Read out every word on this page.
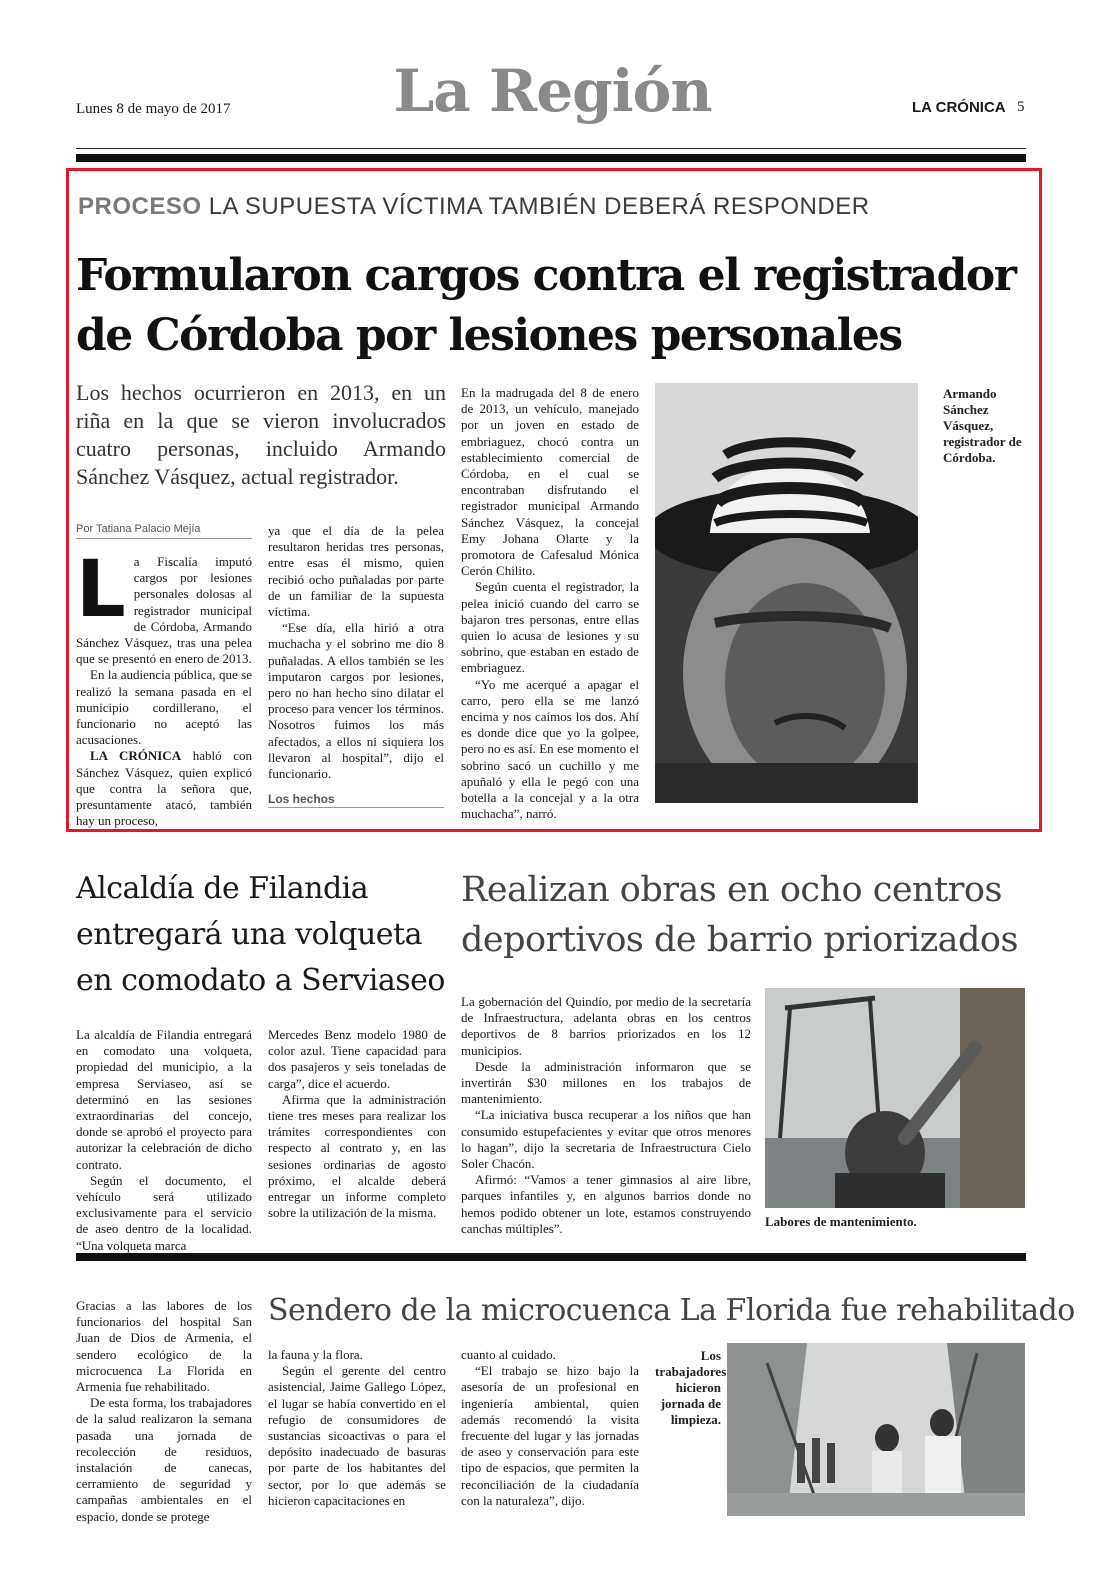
Lunes 8 de mayo de 2017	La Región	LA CRÓNICA 5
PROCESO LA SUPUESTA VÍCTIMA TAMBIÉN DEBERÁ RESPONDER
Formularon cargos contra el registrador
de Córdoba por lesiones personales
Los hechos ocurrieron en 2013, en un riña en la que se vieron involucrados cuatro personas, incluido Armando Sánchez Vásquez, actual registrador.
Por Tatiana Palacio Mejía

La Fiscalía imputó cargos por lesiones personales dolosas al registrador municipal de Córdoba, Armando Sánchez Vásquez, tras una pelea que se presentó en enero de 2013.

En la audiencia pública, que se realizó la semana pasada en el municipio cordillerano, el funcionario no aceptó las acusaciones.

LA CRÓNICA habló con Sánchez Vásquez, quien explicó que contra la señora que, presuntamente atacó, también hay un proceso,

ya que el día de la pelea resultaron heridas tres personas, entre esas él mismo, quien recibió ocho puñaladas por parte de un familiar de la supuesta víctima.

“Ese día, ella hirió a otra muchacha y el sobrino me dio 8 puñaladas. A ellos también se les imputaron cargos por lesiones, pero no han hecho sino dilatar el proceso para vencer los términos. Nosotros fuimos los más afectados, a ellos ni siquiera los llevaron al hospital”, dijo el funcionario.

Los hechos

En la madrugada del 8 de enero de 2013, un vehículo, manejado por un joven en estado de embriaguez, chocó contra un establecimiento comercial de Córdoba, en el cual se encontraban disfrutando el registrador municipal Armando Sánchez Vásquez, la concejal Emy Johana Olarte y la promotora de Cafesalud Mónica Cerón Chilito.

Según cuenta el registrador, la pelea inició cuando del carro se bajaron tres personas, entre ellas quien lo acusa de lesiones y su sobrino, que estaban en estado de embriaguez.

“Yo me acerqué a apagar el carro, pero ella se me lanzó encima y nos caímos los dos. Ahí es donde dice que yo la golpee, pero no es así. En ese momento el sobrino sacó un cuchillo y me apuñaló y ella le pegó con una botella a la concejal y a la otra muchacha”, narró.

Armando Sánchez Vásquez, registrador de Córdoba.
Alcaldía de Filandia entregará una volqueta en comodato a Serviaseo

La alcaldía de Filandia entregará en comodato una volqueta, propiedad del municipio, a la empresa Serviaseo, así se determinó en las sesiones extraordinarias del concejo, donde se aprobó el proyecto para autorizar la celebración de dicho contrato.

Según el documento, el vehículo será utilizado exclusivamente para el servicio de aseo dentro de la localidad. “Una volqueta marca

Mercedes Benz modelo 1980 de color azul. Tiene capacidad para dos pasajeros y seis toneladas de carga”, dice el acuerdo.

Afirma que la administración tiene tres meses para realizar los trámites correspondientes con respecto al contrato y, en las sesiones ordinarias de agosto próximo, el alcalde deberá entregar un informe completo sobre la utilización de la misma.

Realizan obras en ocho centros deportivos de barrio priorizados

La gobernación del Quindío, por medio de la secretaría de Infraestructura, adelanta obras en los centros deportivos de 8 barrios priorizados en los 12 municipios.

Desde la administración informaron que se invertirán $30 millones en los trabajos de mantenimiento.

“La iniciativa busca recuperar a los niños que han consumido estupefacientes y evitar que otros menores lo hagan”, dijo la secretaria de Infraestructura Cielo Soler Chacón.

Afirmó: “Vamos a tener gimnasios al aire libre, parques infantiles y, en algunos barrios donde no hemos podido obtener un lote, estamos construyendo canchas múltiples”.	Labores de mantenimiento.

Gracias a las labores de los funcionarios del hospital San Juan de Dios de Armenia, el sendero ecológico de la microcuenca La Florida en Armenia fue rehabilitado.

De esta forma, los trabajadores de la salud realizaron la semana pasada una jornada de recolección de residuos, instalación de canecas, cerramiento de seguridad y campañas ambientales en el espacio, donde se protege

Sendero de la microcuenca La Florida fue rehabilitado

la fauna y la flora.

Según el gerente del centro asistencial, Jaime Gallego López, el lugar se había convertido en el refugio de consumidores de sustancias sicoactivas o para el depósito inadecuado de basuras por parte de los habitantes del sector, por lo que además se hicieron capacitaciones en

cuanto al cuidado.

“El trabajo se hizo bajo la asesoría de un profesional en ingeniería ambiental, quien además recomendó la visita frecuente del lugar y las jornadas de aseo y conservación para este tipo de espacios, que permiten la reconciliación de la ciudadanía con la naturaleza”, dijo.

Los trabajadores hicieron jornada de limpieza.
